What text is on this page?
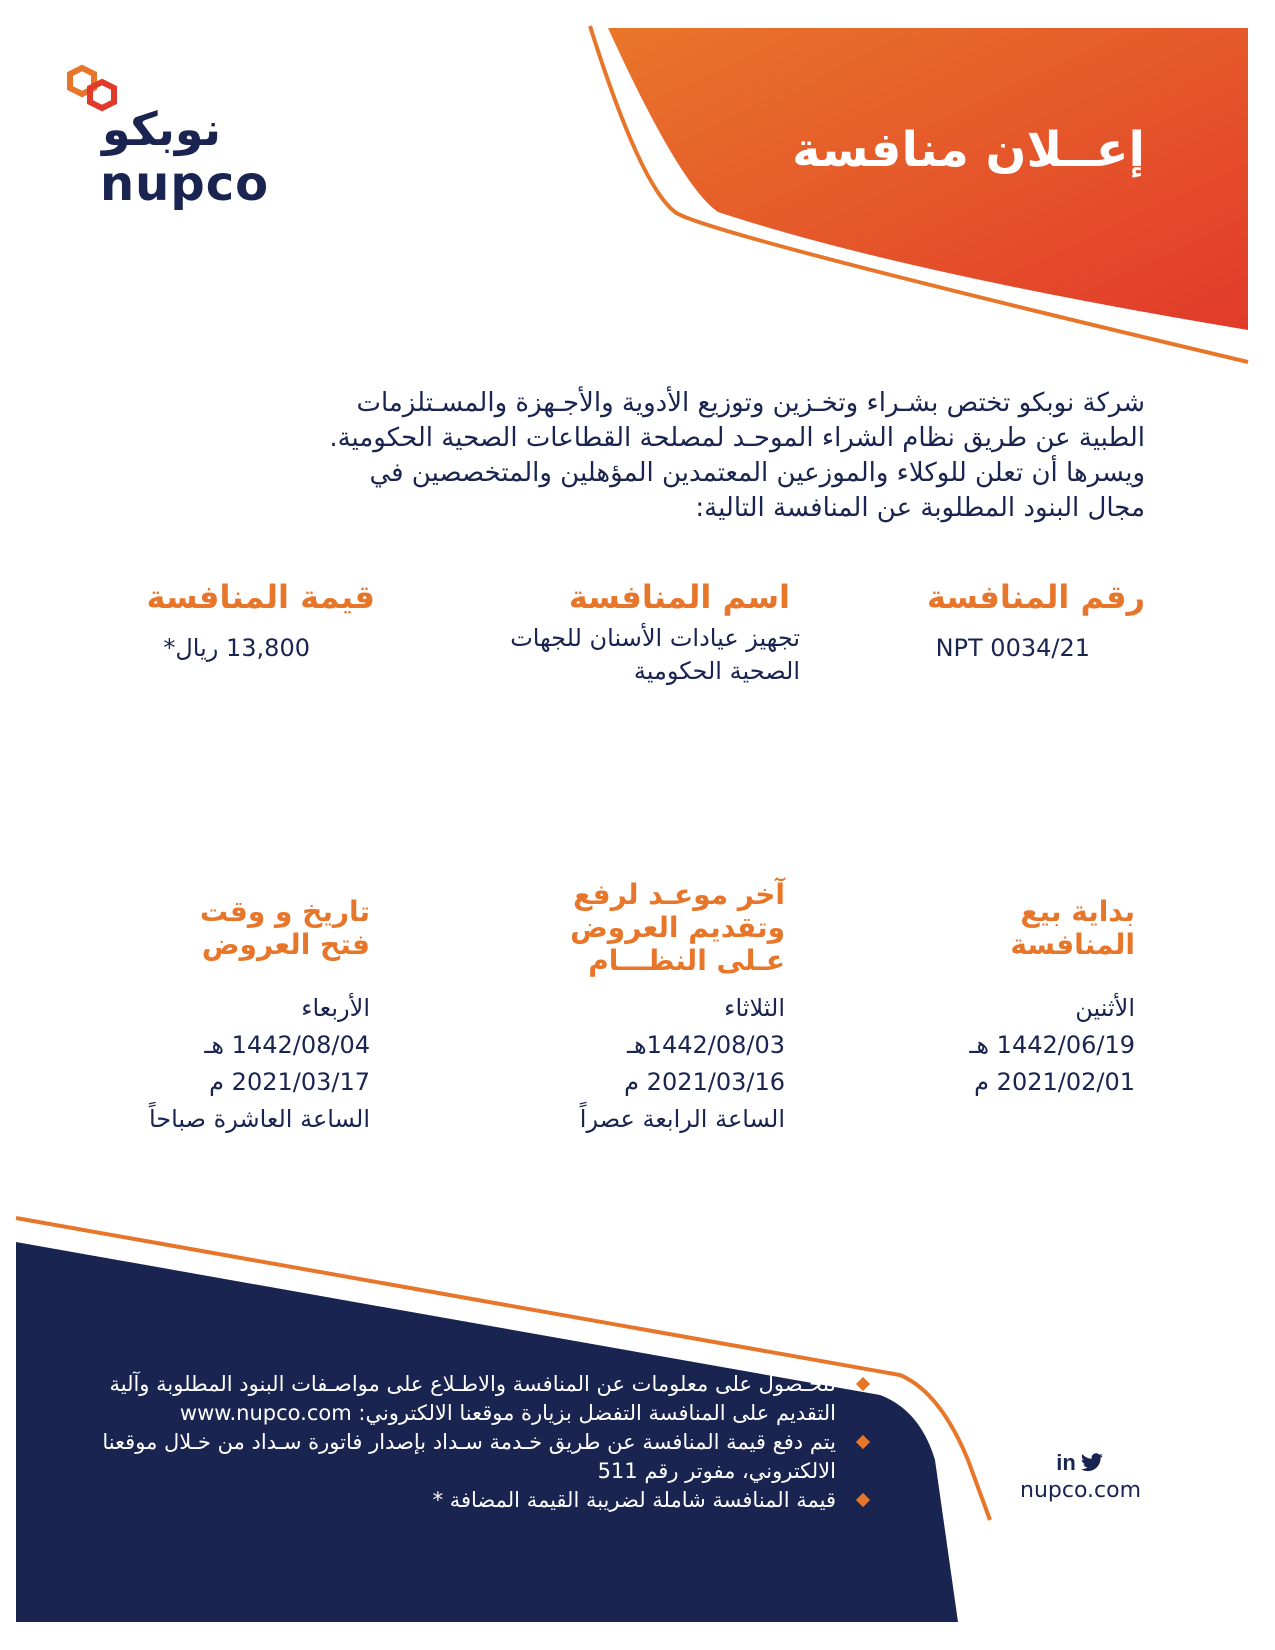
نوبكو
nupco
إعــلان منافسة
شركة نوبكو تختص بشـراء وتخـزين وتوزيع الأدوية والأجـهزة والمسـتلزمات
الطبية عن طريق نظام الشراء الموحـد لمصلحة القطاعات الصحية الحكومية.
ويسرها أن تعلن للوكلاء والموزعين المعتمدين المؤهلين والمتخصصين في
مجال البنود المطلوبة عن المنافسة التالية:
رقم المنافسة
اسم المنافسة
قيمة المنافسة
NPT 0034/21
تجهيز عيادات الأسنان للجهات الصحية الحكومية
13,800 ريال*
بداية بيع
المنافسة
الأثنين
1442/06/19 هـ
2021/02/01 م
آخر موعـد لرفع
وتقديم العروض
عـلى النظـــام
الثلاثاء
1442/08/03هـ
2021/03/16 م
الساعة الرابعة عصراً
تاريخ و وقت
فتح العروض
الأربعاء
1442/08/04 هـ
2021/03/17 م
الساعة العاشرة صباحاً
للحـصول على معلومات عن المنافسة والاطـلاع على مواصـفات البنود المطلوبة وآلية التقديم على المنافسة التفضل بزيارة موقعنا الالكتروني: www.nupco.com
يتم دفع قيمة المنافسة عن طريق خـدمة سـداد بإصدار فاتورة سـداد من خـلال موقعنا الالكتروني، مفوتر رقم 511
قيمة المنافسة شاملة لضريبة القيمة المضافة *
in
nupco.com
